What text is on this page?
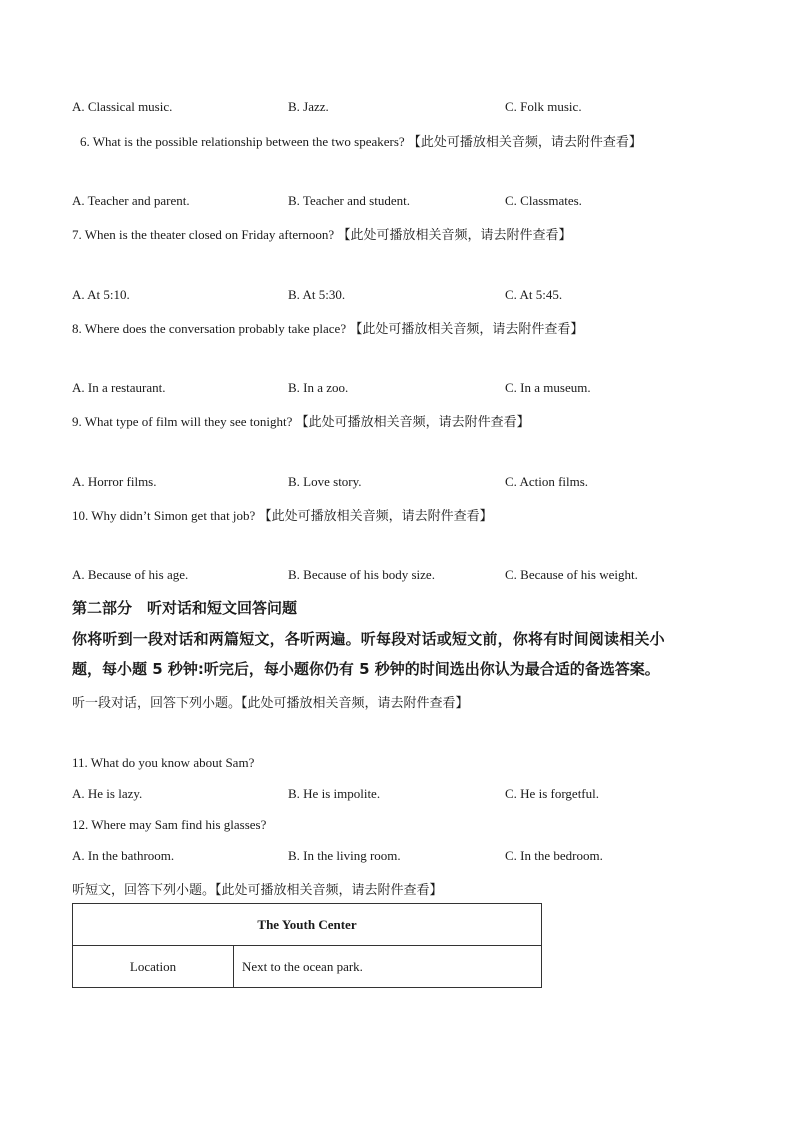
A. Classical music.	B. Jazz.	C. Folk music.
6. What is the possible relationship between the two speakers? 【此处可播放相关音频，请去附件查看】
A. Teacher and parent.	B. Teacher and student.	C. Classmates.
7. When is the theater closed on Friday afternoon? 【此处可播放相关音频，请去附件查看】
A. At 5:10.	B. At 5:30.	C. At 5:45.
8. Where does the conversation probably take place? 【此处可播放相关音频，请去附件查看】
A. In a restaurant.	B. In a zoo.	C. In a museum.
9. What type of film will they see tonight? 【此处可播放相关音频，请去附件查看】
A. Horror films.	B. Love story.	C. Action films.
10. Why didn’t Simon get that job? 【此处可播放相关音频，请去附件查看】
A. Because of his age.	B. Because of his body size.	C. Because of his weight.
第二部分　听对话和短文回答问题
你将听到一段对话和两篇短文，各听两遍。听每段对话或短文前，你将有时间阅读相关小
题，每小题 5 秒钟:听完后，每小题你仍有 5 秒钟的时间选出你认为最合适的备选答案。
听一段对话，回答下列小题。【此处可播放相关音频，请去附件查看】
11. What do you know about Sam?
A. He is lazy.	B. He is impolite.	C. He is forgetful.
12. Where may Sam find his glasses?
A. In the bathroom.	B. In the living room.	C. In the bedroom.
听短文，回答下列小题。【此处可播放相关音频，请去附件查看】
The Youth Center
Location	Next to the ocean park.
